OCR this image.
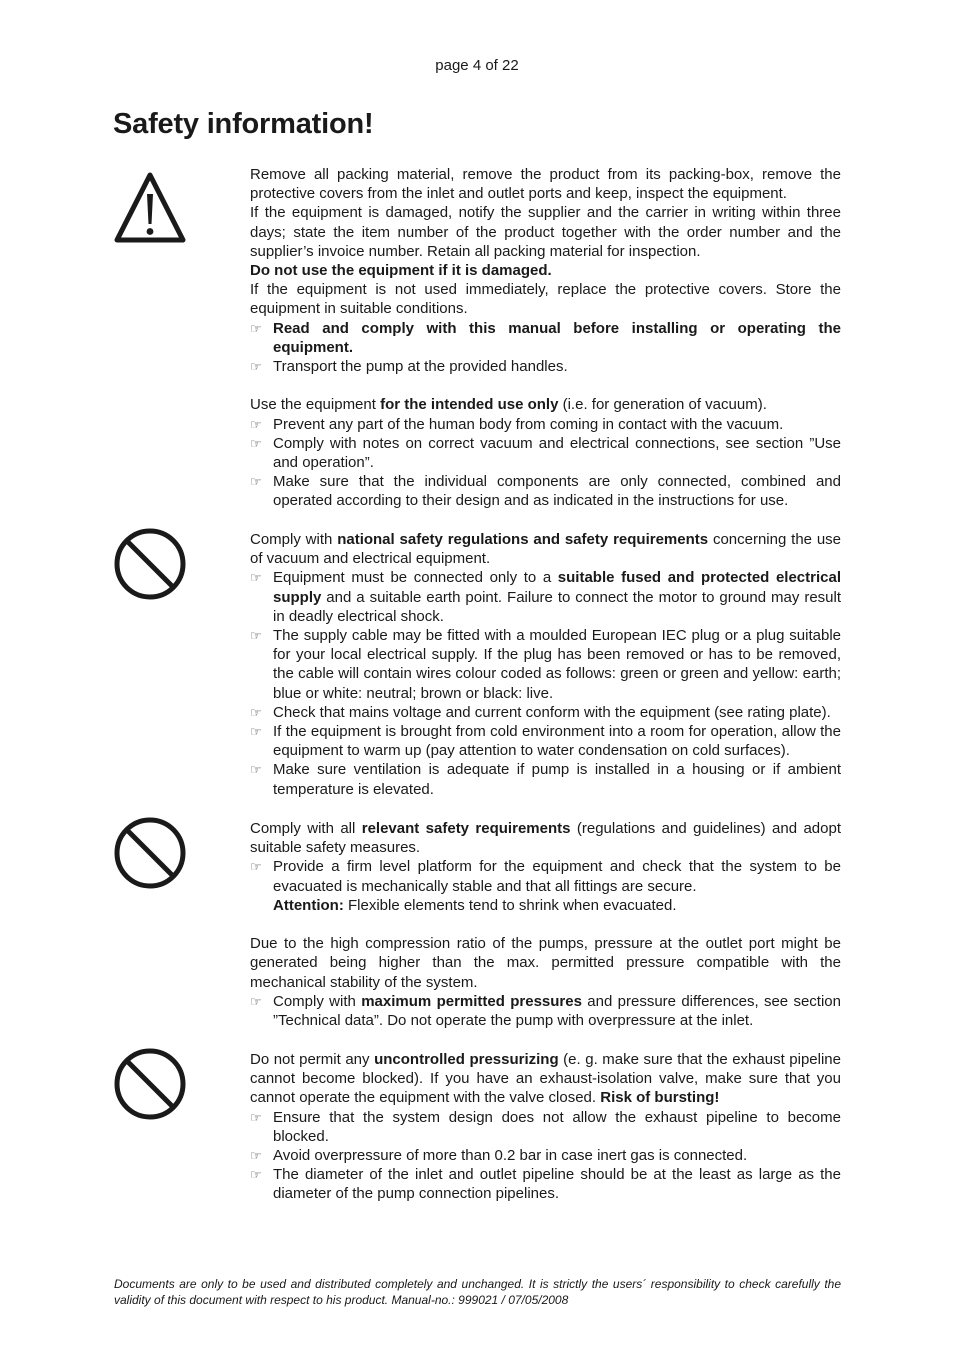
page 4 of 22
Safety information!

Remove all packing material, remove the product from its packing-box, remove the protective covers from the inlet and outlet ports and keep, inspect the equipment.

If the equipment is damaged, notify the supplier and the carrier in writing within three days; state the item number of the product together with the order number and the supplier’s invoice number. Retain all packing material for inspection.

Do not use the equipment if it is damaged.

If the equipment is not used immediately, replace the protective covers. Store the equipment in suitable conditions.

☞ Read and comply with this manual before installing or operating the equipment.
☞ Transport the pump at the provided handles.

Use the equipment for the intended use only (i.e. for generation of vacuum).

☞ Prevent any part of the human body from coming in contact with the vacuum.
☞ Comply with notes on correct vacuum and electrical connections, see section ”Use and operation”.
☞ Make sure that the individual components are only connected, combined and operated according to their design and as indicated in the instructions for use.

Comply with national safety regulations and safety requirements concerning the use of vacuum and electrical equipment.

☞ Equipment must be connected only to a suitable fused and protected electrical supply and a suitable earth point. Failure to connect the motor to ground may result in deadly electrical shock.
☞ The supply cable may be fitted with a moulded European IEC plug or a plug suitable for your local electrical supply. If the plug has been removed or has to be removed, the cable will contain wires colour coded as follows: green or green and yellow: earth; blue or white: neutral; brown or black: live.
☞ Check that mains voltage and current conform with the equipment (see rating plate).
☞ If the equipment is brought from cold environment into a room for operation, allow the equipment to warm up (pay attention to water condensation on cold surfaces).
☞ Make sure ventilation is adequate if pump is installed in a housing or if ambient temperature is elevated.

Comply with all relevant safety requirements (regulations and guidelines) and adopt suitable safety measures.

☞ Provide a firm level platform for the equipment and check that the system to be evacuated is mechanically stable and that all fittings are secure.
Attention: Flexible elements tend to shrink when evacuated.

Due to the high compression ratio of the pumps, pressure at the outlet port might be generated being higher than the max. permitted pressure compatible with the mechanical stability of the system.

☞ Comply with maximum permitted pressures and pressure differences, see section ”Technical data”. Do not operate the pump with overpressure at the inlet.

Do not permit any uncontrolled pressurizing (e. g. make sure that the exhaust pipeline cannot become blocked). If you have an exhaust-isolation valve, make sure that you cannot operate the equipment with the valve closed. Risk of bursting!

☞ Ensure that the system design does not allow the exhaust pipeline to become blocked.
☞ Avoid overpressure of more than 0.2 bar in case inert gas is connected.
☞ The diameter of the inlet and outlet pipeline should be at the least as large as the diameter of the pump connection pipelines.
Documents are only to be used and distributed completely and unchanged. It is strictly the users´ responsibility to check carefully the validity of this document with respect to his product. Manual-no.: 999021 / 07/05/2008
